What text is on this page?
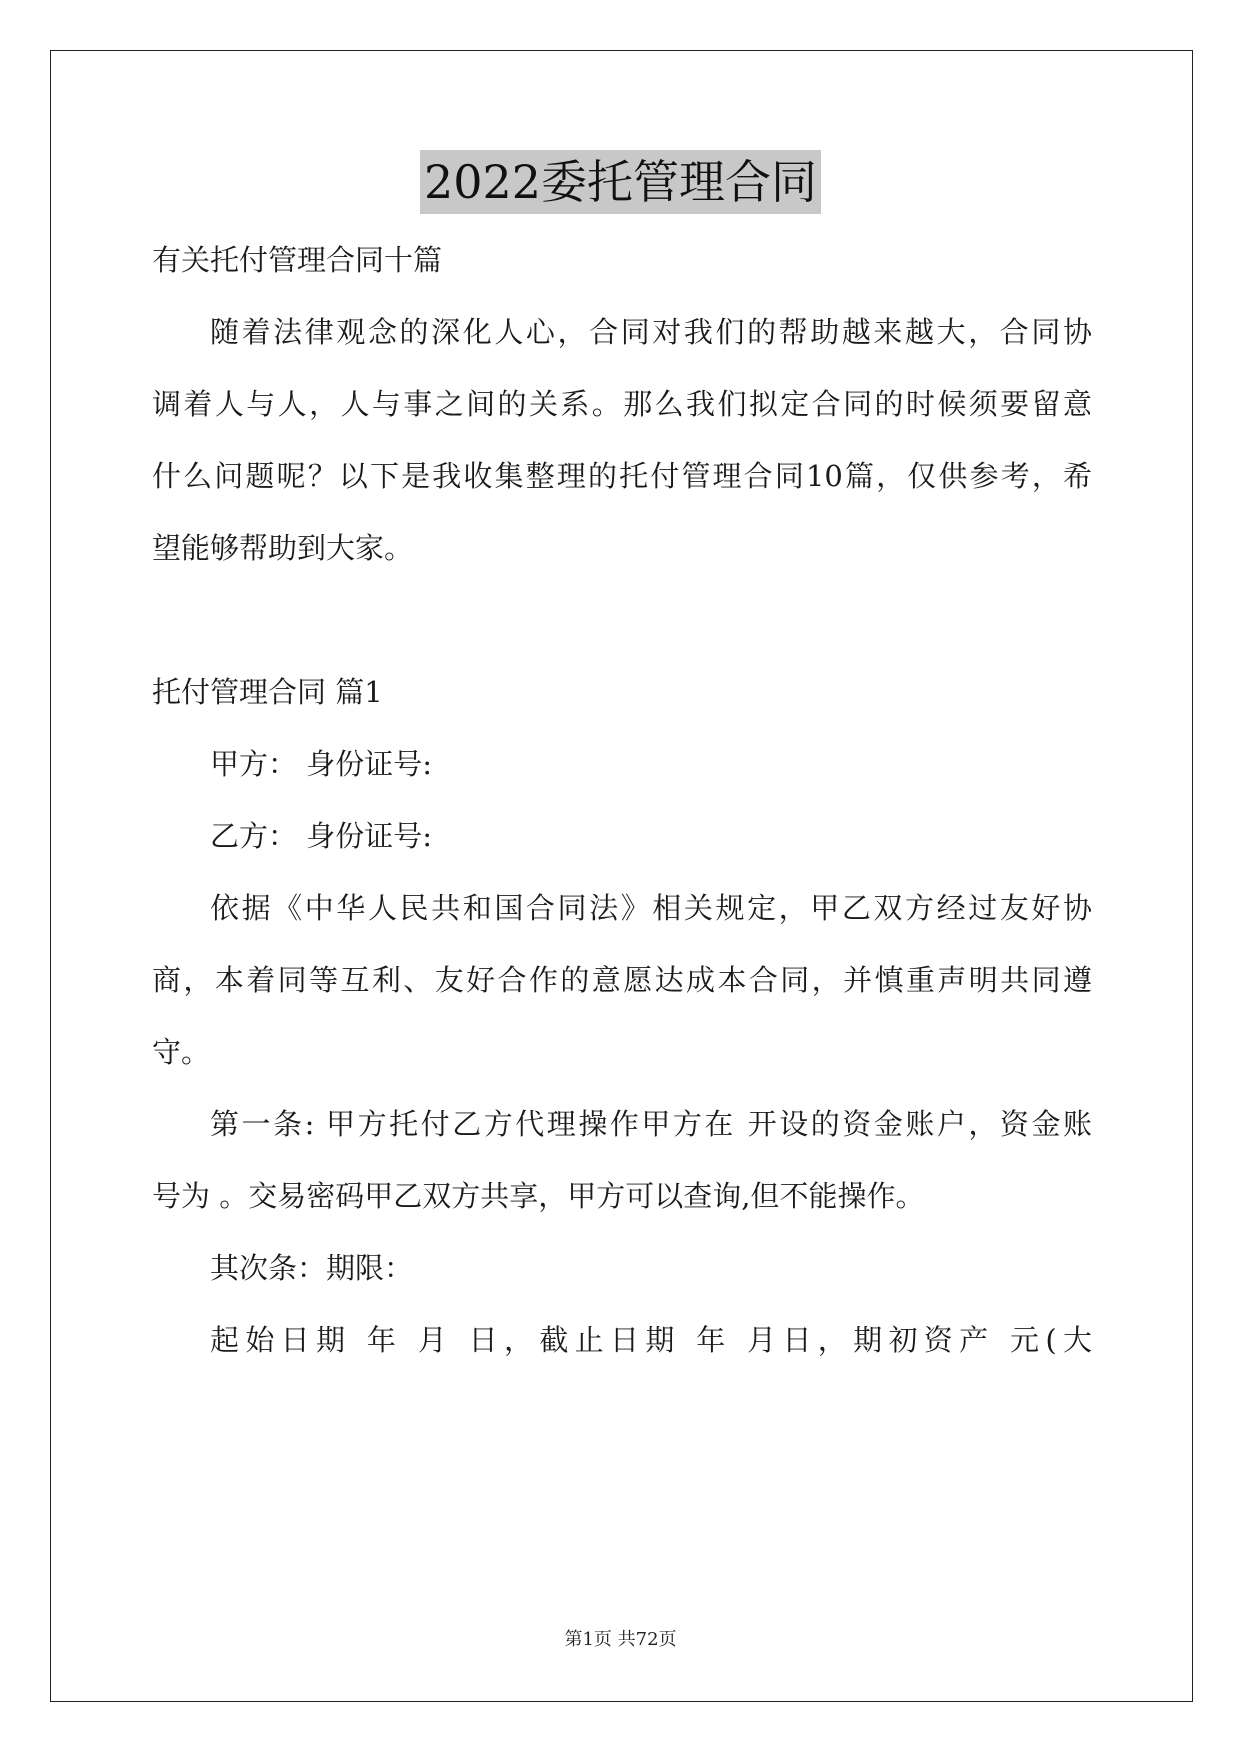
2022委托管理合同
有关托付管理合同十篇
随着法律观念的深化人心，合同对我们的帮助越来越大，合同协
调着人与人，人与事之间的关系。那么我们拟定合同的时候须要留意
什么问题呢？以下是我收集整理的托付管理合同10篇，仅供参考，希
望能够帮助到大家。
托付管理合同 篇1
甲方： 身份证号:
乙方： 身份证号:
依据《中华人民共和国合同法》相关规定，甲乙双方经过友好协
商，本着同等互利、友好合作的意愿达成本合同，并慎重声明共同遵
守。
第一条: 甲方托付乙方代理操作甲方在 开设的资金账户，资金账
号为 。交易密码甲乙双方共享，甲方可以查询,但不能操作。
其次条：期限：
起始日期 年 月 日，截止日期 年 月日，期初资产 元(大
第1页 共72页
